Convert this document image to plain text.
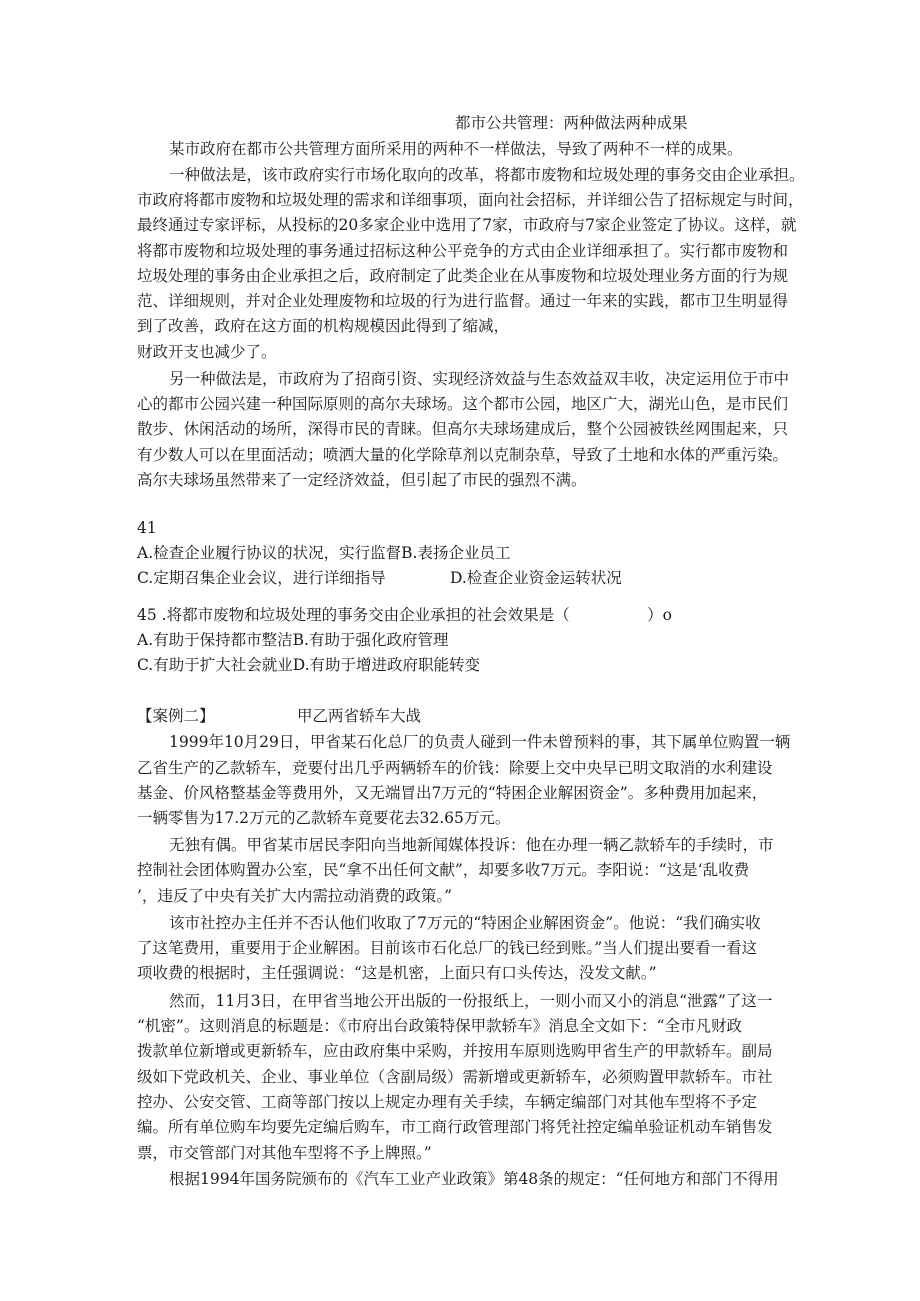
都市公共管理：两种做法两种成果
某市政府在都市公共管理方面所采用的两种不一样做法，导致了两种不一样的成果。
一种做法是，该市政府实行市场化取向的改革，将都市废物和垃圾处理的事务交由企业承担。
市政府将都市废物和垃圾处理的需求和详细事项，面向社会招标，并详细公告了招标规定与时间，
最终通过专家评标，从投标的20多家企业中选用了7家，市政府与7家企业签定了协议。这样，就
将都市废物和垃圾处理的事务通过招标这种公平竞争的方式由企业详细承担了。实行都市废物和
垃圾处理的事务由企业承担之后，政府制定了此类企业在从事废物和垃圾处理业务方面的行为规
范、详细规则，并对企业处理废物和垃圾的行为进行监督。通过一年来的实践，都市卫生明显得
到了改善，政府在这方面的机构规模因此得到了缩减，
财政开支也减少了。
另一种做法是，市政府为了招商引资、实现经济效益与生态效益双丰收，决定运用位于市中
心的都市公园兴建一种国际原则的高尔夫球场。这个都市公园，地区广大，湖光山色，是市民们
散步、休闲活动的场所，深得市民的青睐。但高尔夫球场建成后，整个公园被铁丝网围起来，只
有少数人可以在里面活动；喷洒大量的化学除草剂以克制杂草，导致了土地和水体的严重污染。
高尔夫球场虽然带来了一定经济效益，但引起了市民的强烈不满。
41
A.检查企业履行协议的状况，实行监督B.表扬企业员工
C.定期召集企业会议，进行详细指导	D.检查企业资金运转状况
45 .将都市废物和垃圾处理的事务交由企业承担的社会效果是（　　　　　）o
A.有助于保持都市整洁B.有助于强化政府管理
C.有助于扩大社会就业D.有助于增进政府职能转变
【案例二】	甲乙两省轿车大战
1999年10月29日，甲省某石化总厂的负责人碰到一件未曾预料的事，其下属单位购置一辆
乙省生产的乙款轿车，竞要付出几乎两辆轿车的价钱：除要上交中央早已明文取消的水利建设
基金、价风格整基金等费用外，又无端冒出7万元的“特困企业解困资金”。多种费用加起来，
一辆零售为17.2万元的乙款轿车竟要花去32.65万元。
无独有偶。甲省某市居民李阳向当地新闻媒体投诉：他在办理一辆乙款轿车的手续时，市
控制社会团体购置办公室，民“拿不出任何文献”，却要多收7万元。李阳说：“这是‘乱收费
’，违反了中央有关扩大内需拉动消费的政策。”
该市社控办主任并不否认他们收取了7万元的“特困企业解困资金”。他说：“我们确实收
了这笔费用，重要用于企业解困。目前该市石化总厂的钱已经到账。”当人们提出要看一看这
项收费的根据时，主任强调说：“这是机密，上面只有口头传达，没发文献。”
然而，11月3日，在甲省当地公开出版的一份报纸上，一则小而又小的消息“泄露”了这一
“机密”。这则消息的标题是：《市府出台政策特保甲款轿车》消息全文如下：“全市凡财政
拨款单位新增或更新轿车，应由政府集中采购，并按用车原则选购甲省生产的甲款轿车。副局
级如下党政机关、企业、事业单位（含副局级）需新增或更新轿车，必须购置甲款轿车。市社
控办、公安交管、工商等部门按以上规定办理有关手续，车辆定编部门对其他车型将不予定
编。所有单位购车均要先定编后购车，市工商行政管理部门将凭社控定编单验证机动车销售发
票，市交管部门对其他车型将不予上牌照。”
根据1994年国务院颁布的《汽车工业产业政策》第48条的规定：“任何地方和部门不得用
